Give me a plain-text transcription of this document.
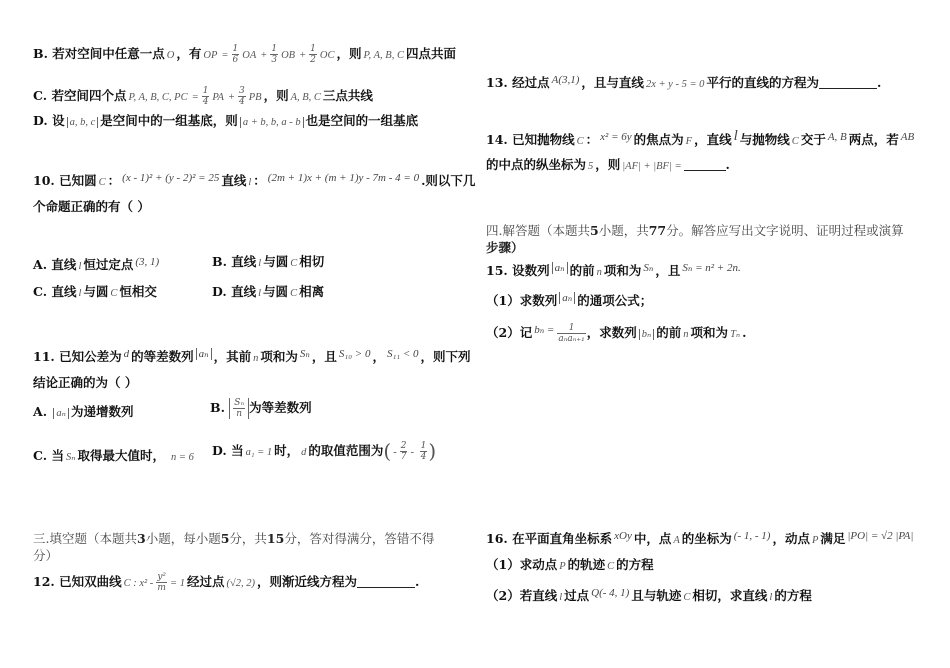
B. 若对空间中任意一点 O ，有 OP = $\frac{1}{6}$ OA + $\frac{1}{3}$ OB + $\frac{1}{2}$ OC ，则 P, A, B, C 四点共面
C. 若空间四个点 P, A, B, C, PC = $\frac{1}{4}$ PA + $\frac{3}{4}$ PB ，则 A, B, C 三点共线
D. 设 a, b, c 是空间中的一组基底，则 a + b, b, a - b 也是空间的一组基底
10. 已知圆 C ： (x - 1)² + (y - 2)² = 25 直线 l ： (2m + 1)x + (m + 1)y - 7m - 4 = 0 .则以下几
个命题正确的有（ ）
A. 直线 l 恒过定点 (3, 1)	B. 直线 l 与圆 C 相切
C. 直线 l 与圆 C 恒相交	D. 直线 l 与圆 C 相离
11. 已知公差为 d 的等差数列 aₙ ，其前 n 项和为 Sₙ ，且 S₁₀ > 0 ， S₁₁ < 0 ，则下列
结论正确的为（ ）
A. aₙ 为递增数列	B. $\frac{\text{Sₙ}}{n}$ 为等差数列
C. 当 Sₙ 取得最大值时， n = 6 D. 当 a₁ = 1 时， d 的取值范围为( - $\frac{2}{7} - \frac{1}{4}$ )
三.填空题（本题共3小题，每小题5分，共15分，答对得满分，答错不得
分）
12. 已知双曲线 C : $x^2 - \frac{\text{y²}}{m} = 1$ 经过点 (√2, 2) ，则渐近线方程为	.
13. 经过点 A(3,1) ，且与直线 2x + y - 5 = 0 平行的直线的方程为	.
14. 已知抛物线 C ： x² = 6y 的焦点为 F ，直线 l 与抛物线 C 交于 A, B 两点，若 AB
的中点的纵坐标为 5 ，则 |AF| + |BF| =	.
四.解答题（本题共5小题，共77分。解答应写出文字说明、证明过程或演算
步骤）
15. 设数列 aₙ 的前 n 项和为 Sₙ ，且 Sₙ = n² + 2n.
（1）求数列 aₙ 的通项公式；
（2）记 $b_n = \frac{1}{\text{aₙaₙ₊₁}}$ ，求数列 bₙ 的前 n 项和为 Tₙ .
16. 在平面直角坐标系 xOy 中，点 A 的坐标为 (- 1, - 1) ，动点 P 满足 |PO| = √2 |PA|
（1）求动点 P 的轨迹 C 的方程
（2）若直线 l 过点 Q(- 4, 1) 且与轨迹 C 相切，求直线 l 的方程
